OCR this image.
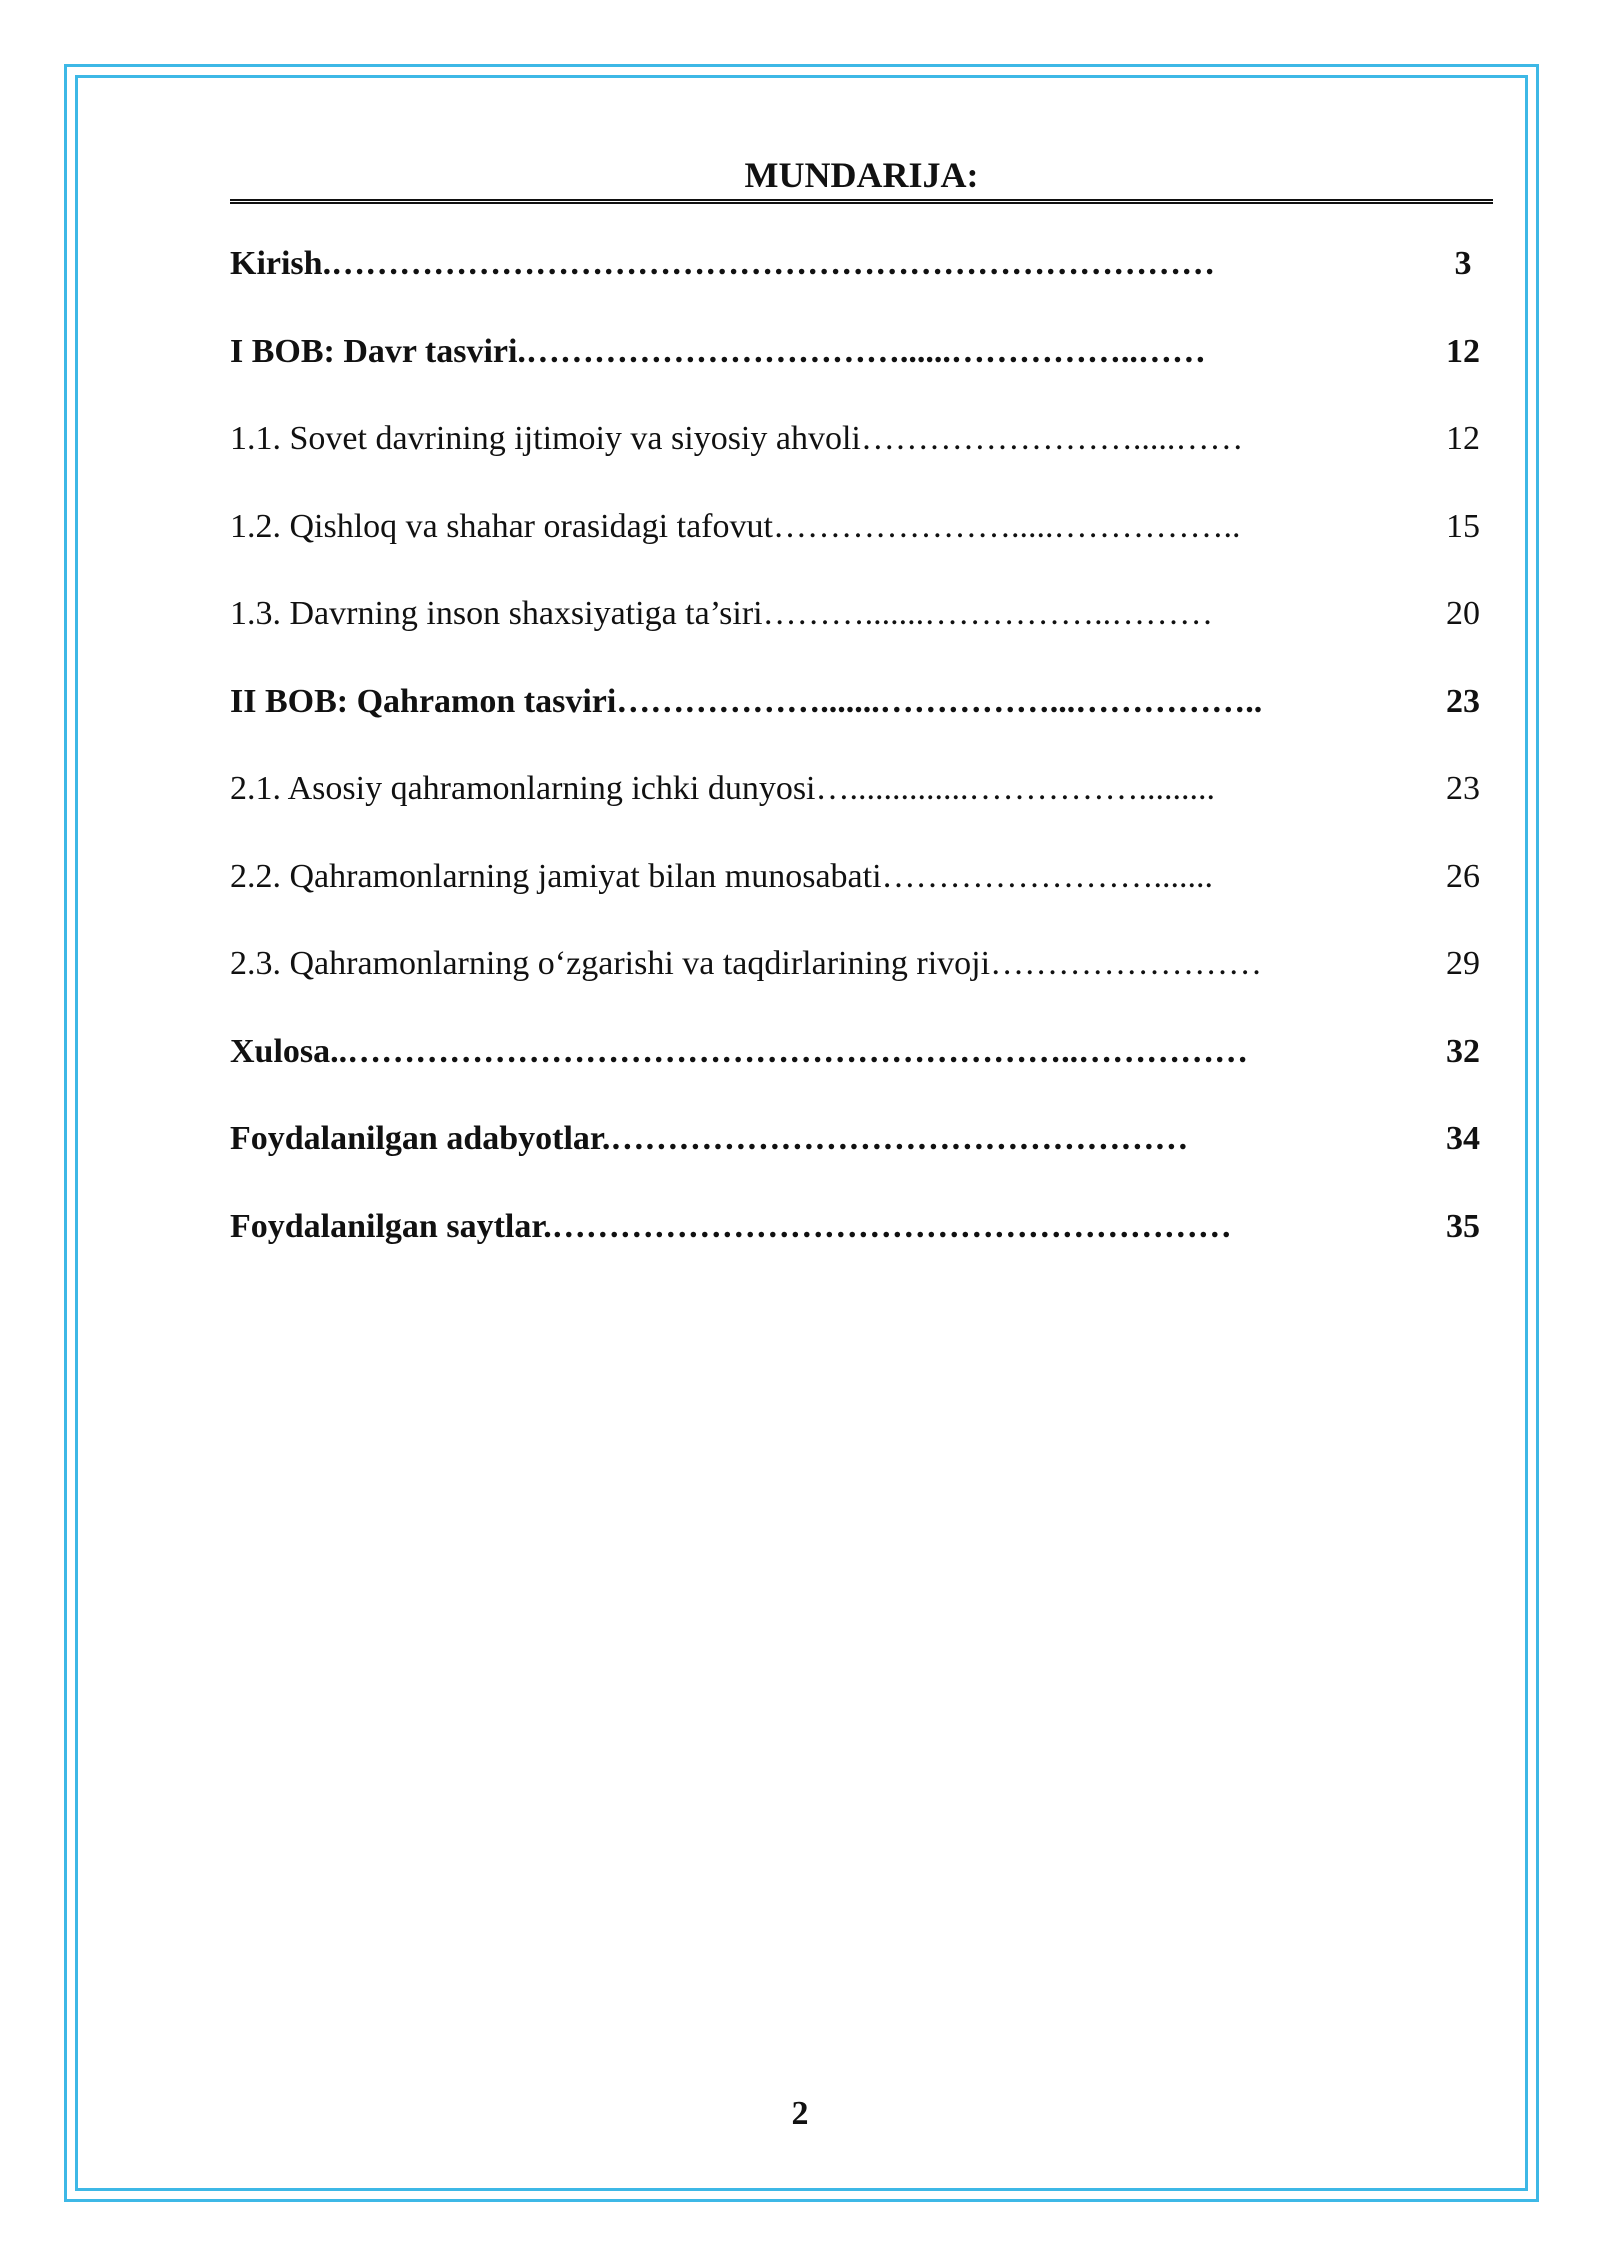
MUNDARIJA:
Kirish.……………………………………………………………………	3
I BOB: Davr tasviri.……………………………......……………..……	12
1.1. Sovet davrining ijtimoiy va siyosiy ahvoli…………………….....……	12
1.2. Qishloq va shahar orasidagi tafovut………………….....……………..	15
1.3. Davrning inson shaxsiyatiga ta’siri……….......……………..………	20
II BOB: Qahramon tasviri……………….......……………...……………..	23
2.1. Asosiy qahramonlarning ichki dunyosi…..............…………….........	23
2.2. Qahramonlarning jamiyat bilan munosabati…………………….......	26
2.3. Qahramonlarning oʻzgarishi va taqdirlarining rivoji……………………	29
Xulosa..………………………………………………………..……………	32
Foydalanilgan adabyotlar.……………………………………………	34
Foydalanilgan saytlar.……………………………………………………	35
2
